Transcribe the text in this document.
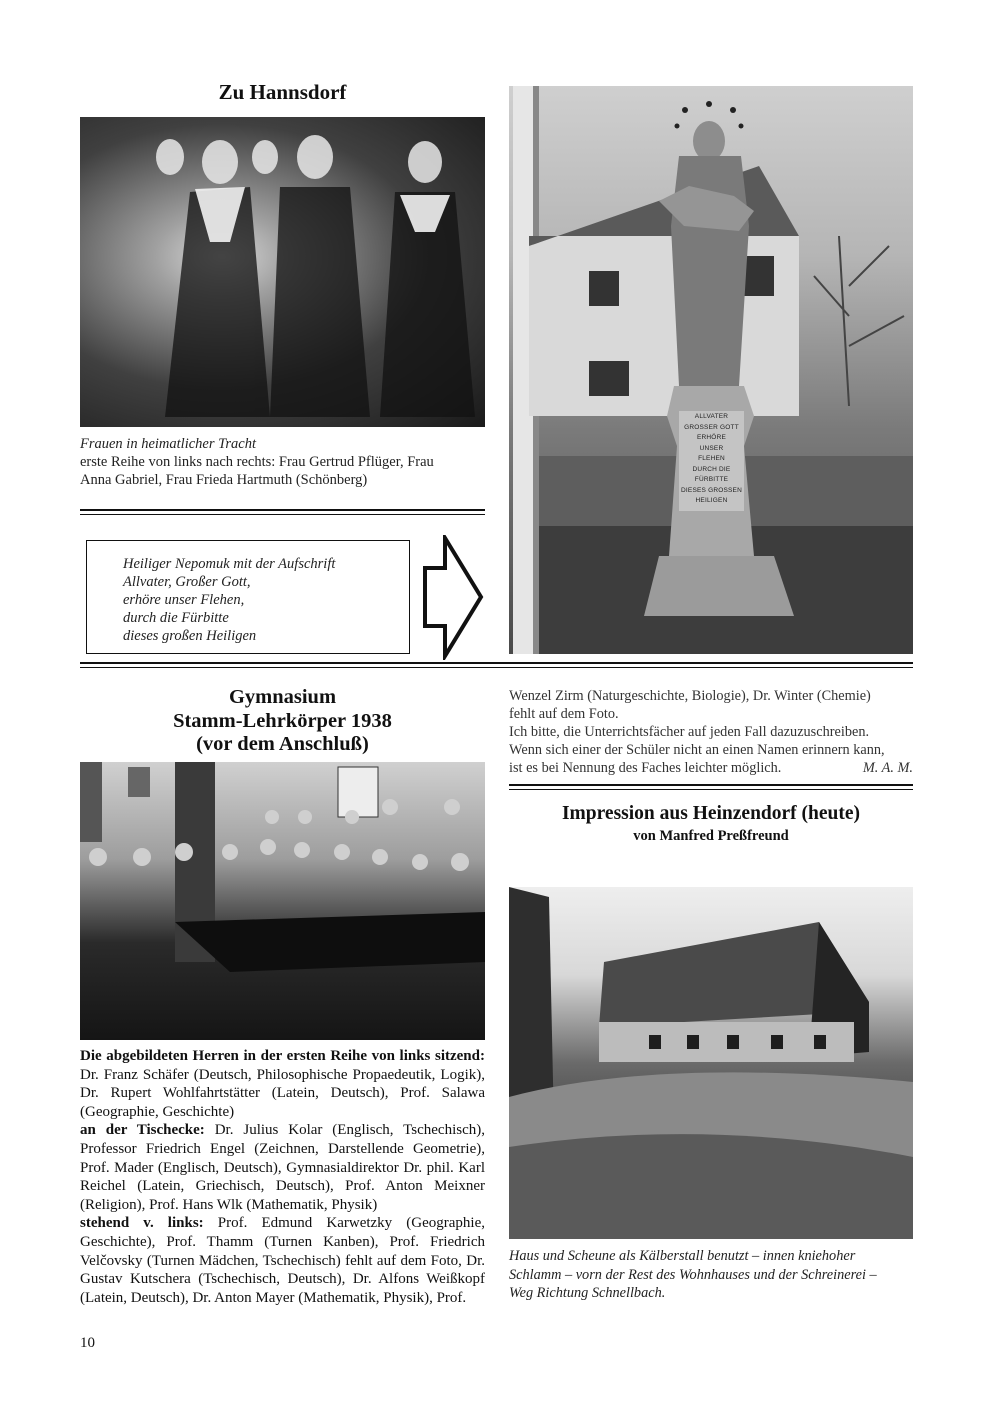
Zu Hannsdorf
Frauen in heimatlicher Tracht
erste Reihe von links nach rechts: Frau Gertrud Pflüger, Frau
Anna Gabriel, Frau Frieda Hartmuth (Schönberg)
Heiliger Nepomuk mit der Aufschrift
Allvater, Großer Gott,
erhöre unser Flehen,
durch die Fürbitte
dieses großen Heiligen
ALLVATER
GROSSER GOTT
ERHÖRE
UNSER
FLEHEN
DURCH DIE
FÜRBITTE
DIESES GROSSEN
HEILIGEN
Gymnasium
Stamm-Lehrkörper 1938
(vor dem Anschluß)
Die abgebildeten Herren in der ersten Reihe von links sitzend: Dr. Franz Schäfer (Deutsch, Philosophische Propaedeutik, Logik), Dr. Rupert Wohlfahrtstätter (Latein, Deutsch), Prof. Salawa (Geographie, Geschichte)
an der Tischecke: Dr. Julius Kolar (Englisch, Tschechisch), Professor Friedrich Engel (Zeichnen, Darstellende Geometrie), Prof. Mader (Englisch, Deutsch), Gymnasialdirektor Dr. phil. Karl Reichel (Latein, Griechisch, Deutsch), Prof. Anton Meixner (Religion), Prof. Hans Wlk (Mathematik, Physik)
stehend v. links: Prof. Edmund Karwetzky (Geographie, Geschichte), Prof. Thamm (Turnen Kanben), Prof. Friedrich Velčovsky (Turnen Mädchen, Tschechisch) fehlt auf dem Foto, Dr. Gustav Kutschera (Tschechisch, Deutsch), Dr. Alfons Weißkopf (Latein, Deutsch), Dr. Anton Mayer (Mathematik, Physik), Prof.
10
Wenzel Zirm (Naturgeschichte, Biologie), Dr. Winter (Chemie)
fehlt auf dem Foto.
Ich bitte, die Unterrichtsfächer auf jeden Fall dazuzuschreiben.
Wenn sich einer der Schüler nicht an einen Namen erinnern kann,
ist es bei Nennung des Faches leichter möglich.	M. A. M.
Impression aus Heinzendorf (heute)
von Manfred Preßfreund
Haus und Scheune als Kälberstall benutzt – innen kniehoher
Schlamm – vorn der Rest des Wohnhauses und der Schreinerei –
Weg Richtung Schnellbach.
